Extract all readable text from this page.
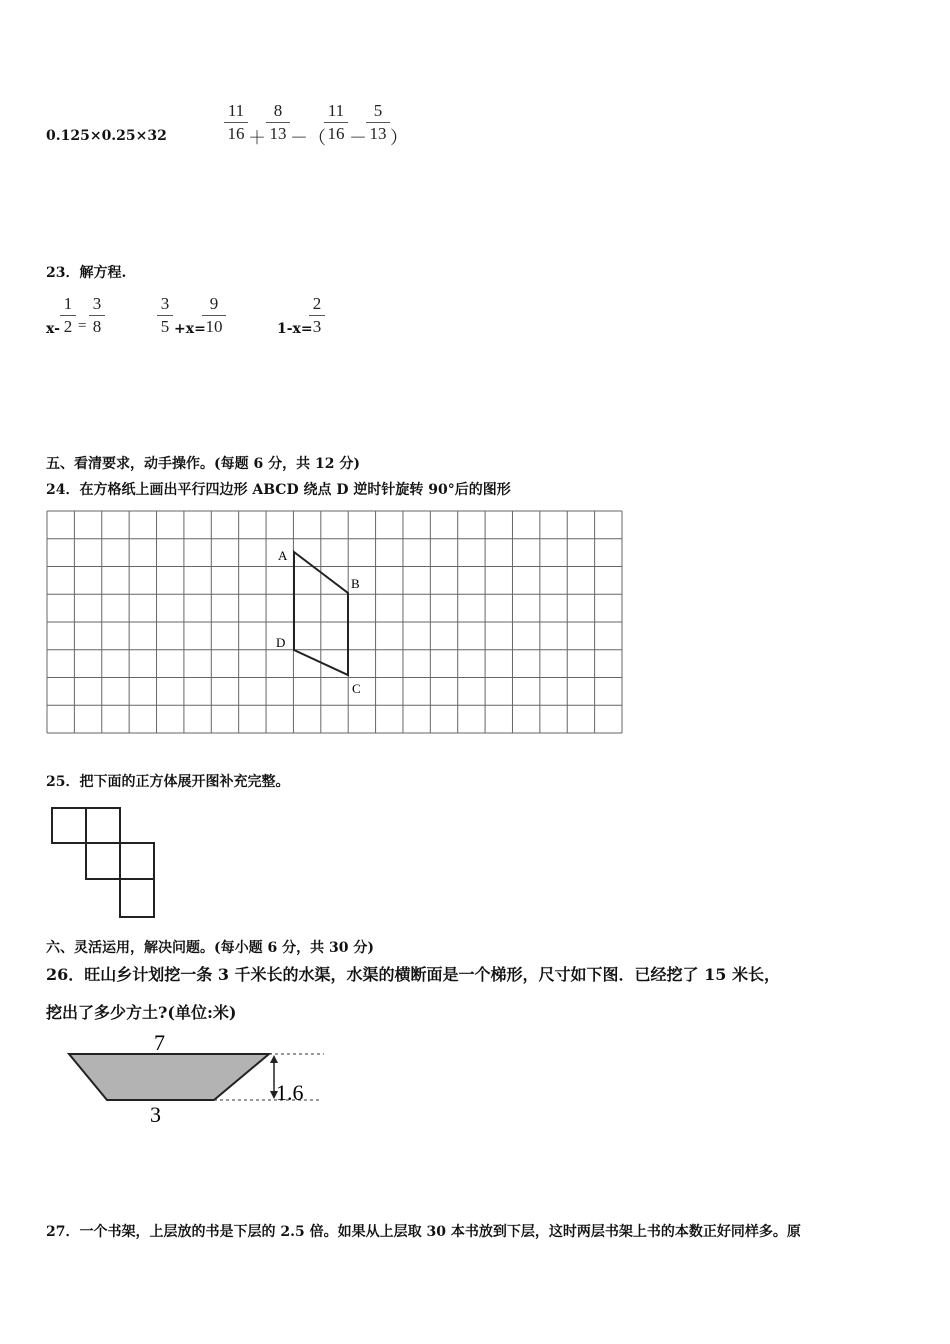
0.125×0.25×32
11
16 ＋
8
13 －（
11
16 －
5
13 ）
23．解方程.
x-
1
2 =
3
8
3
5 +x=
9
10	1-x=
2
3
五、看清要求，动手操作。(每题 6 分，共 12 分)
24．在方格纸上画出平行四边形 ABCD 绕点 D 逆时针旋转 90°后的图形
A
B
C
D
25．把下面的正方体展开图补充完整。
六、灵活运用，解决问题。(每小题 6 分，共 30 分)
26．旺山乡计划挖一条 3 千米长的水渠，水渠的横断面是一个梯形，尺寸如下图．已经挖了 15 米长，
挖出了多少方土?(单位:米)
7
3
1.6
27．一个书架，上层放的书是下层的 2.5 倍。如果从上层取 30 本书放到下层，这时两层书架上书的本数正好同样多。原
